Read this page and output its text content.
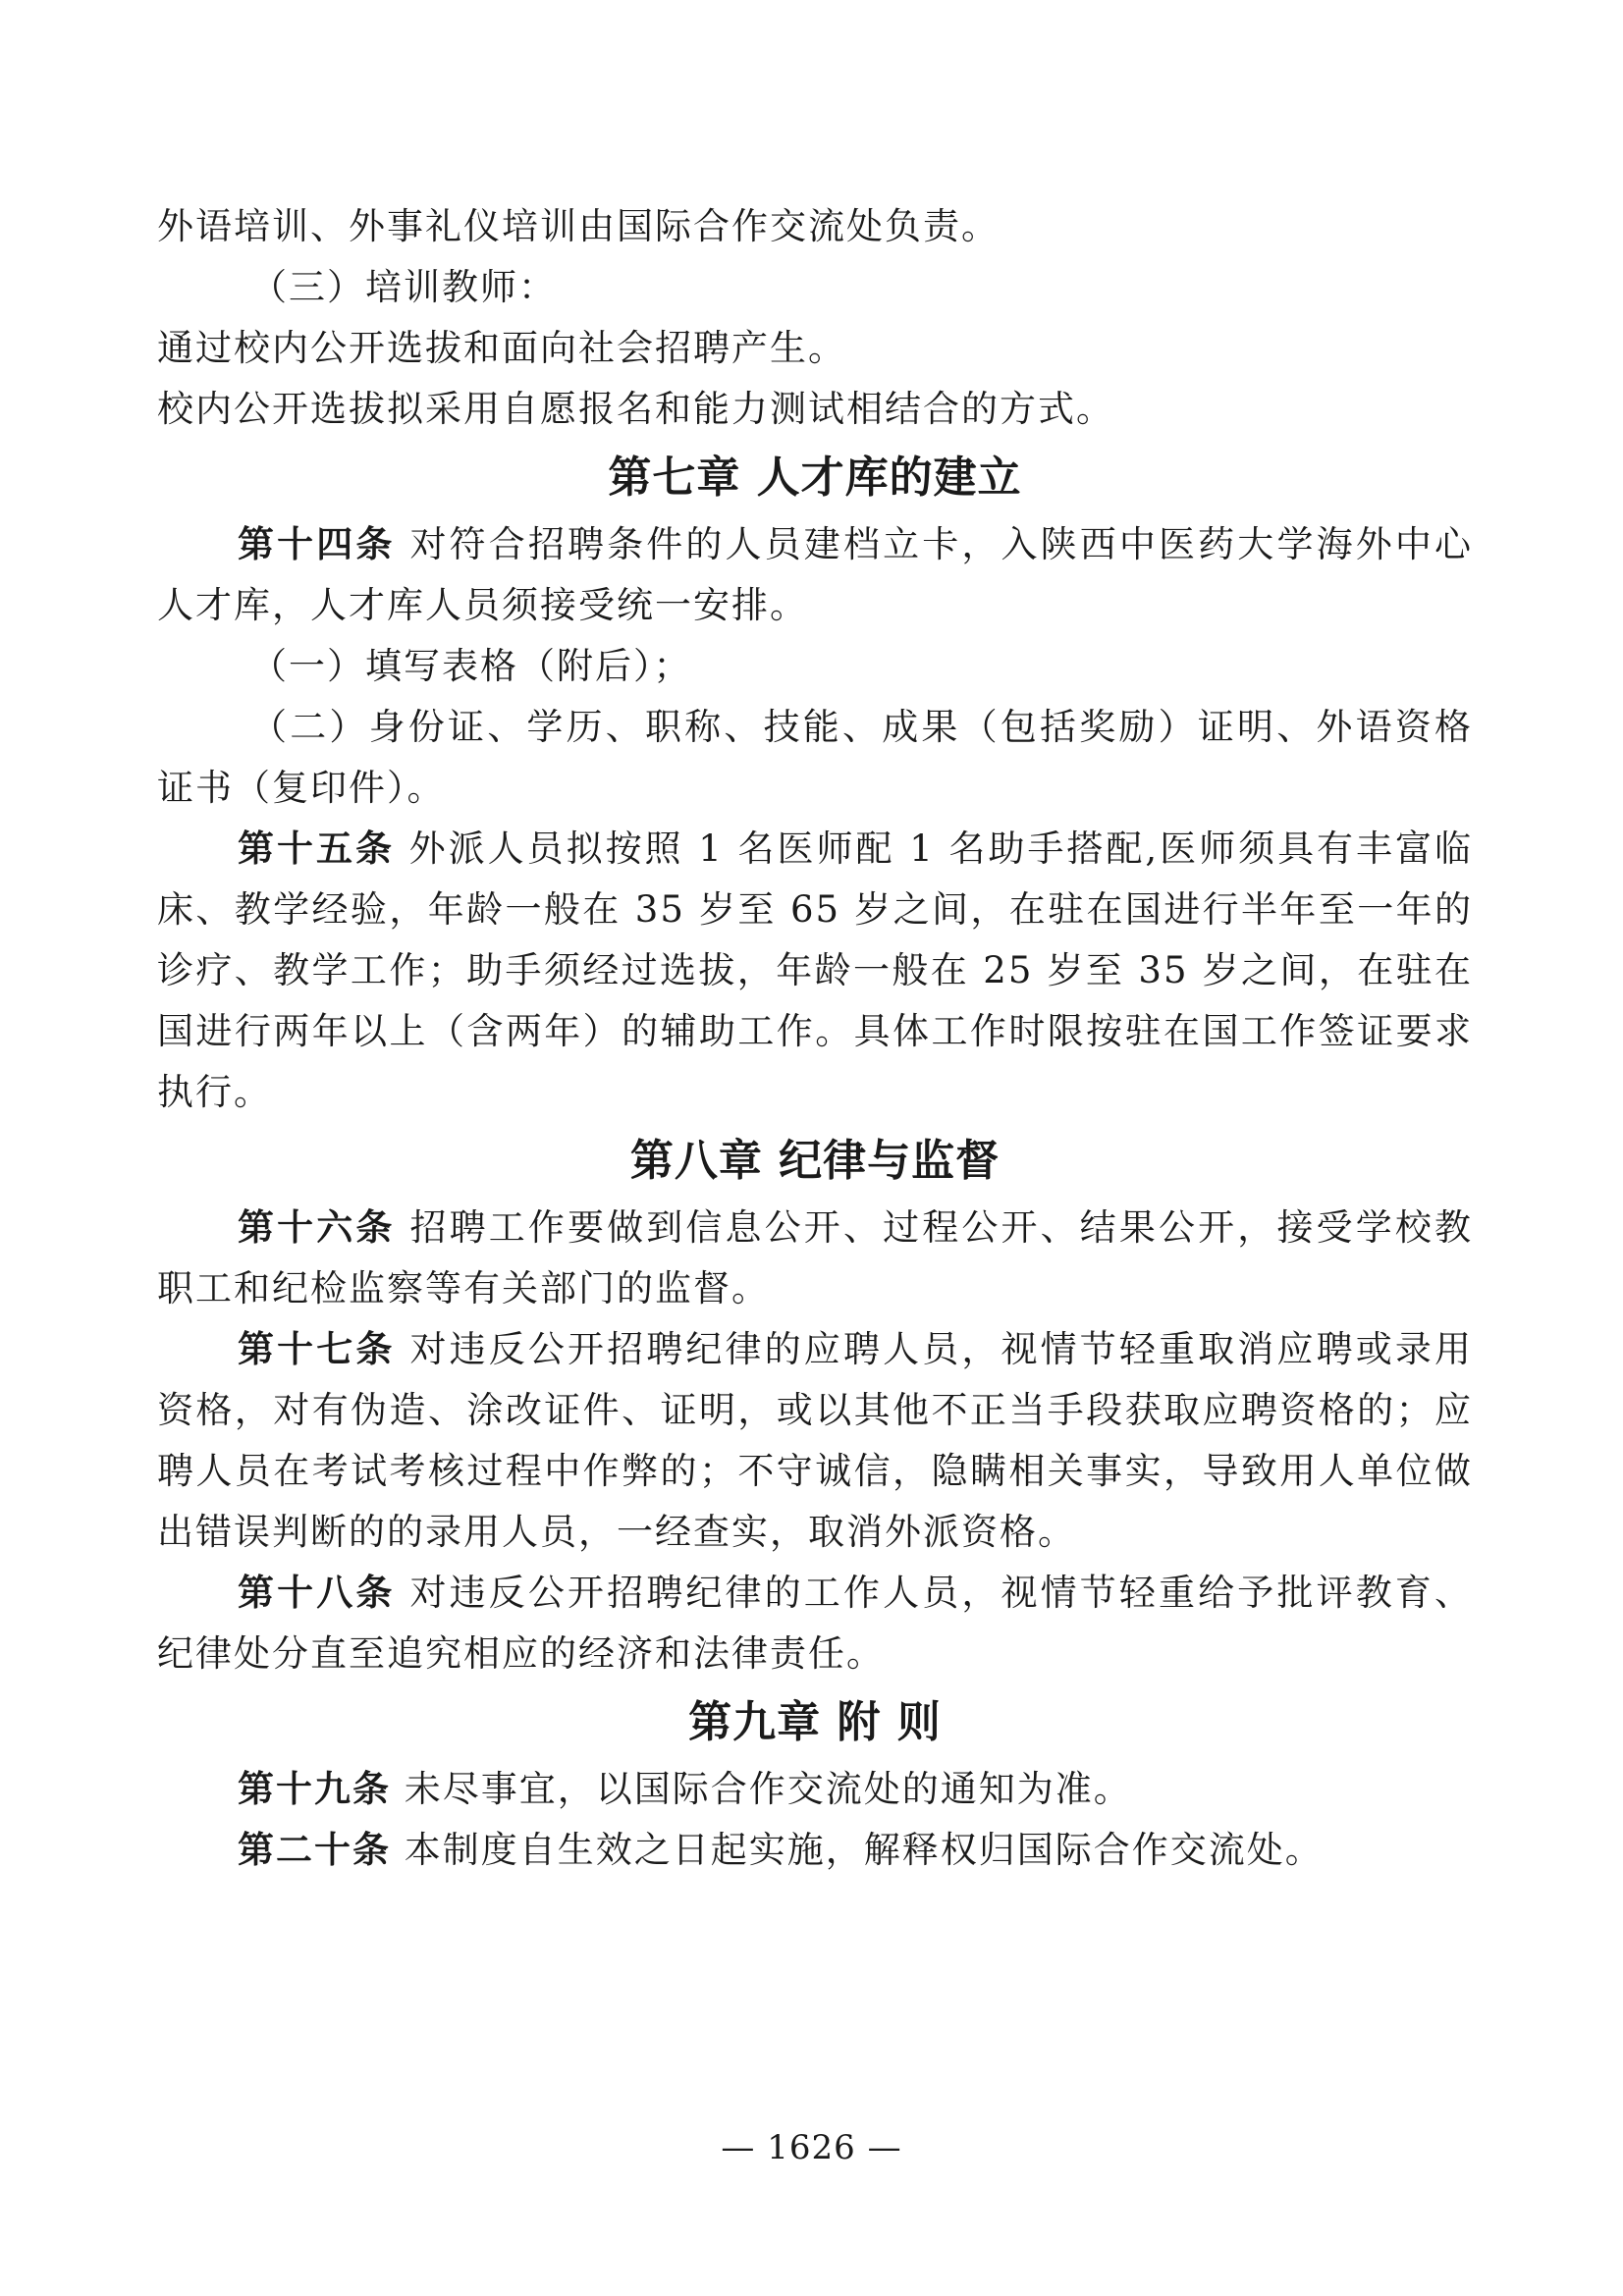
外语培训、外事礼仪培训由国际合作交流处负责。

（三）培训教师：

通过校内公开选拔和面向社会招聘产生。

校内公开选拔拟采用自愿报名和能力测试相结合的方式。

第七章 人才库的建立

第十四条 对符合招聘条件的人员建档立卡，入陕西中医药大学海外中心人才库，人才库人员须接受统一安排。

（一）填写表格（附后）；

（二）身份证、学历、职称、技能、成果（包括奖励）证明、外语资格证书（复印件）。

第十五条 外派人员拟按照 1 名医师配 1 名助手搭配,医师须具有丰富临床、教学经验，年龄一般在 35 岁至 65 岁之间，在驻在国进行半年至一年的诊疗、教学工作；助手须经过选拔，年龄一般在 25 岁至 35 岁之间，在驻在国进行两年以上（含两年）的辅助工作。具体工作时限按驻在国工作签证要求执行。

第八章 纪律与监督

第十六条 招聘工作要做到信息公开、过程公开、结果公开，接受学校教职工和纪检监察等有关部门的监督。

第十七条 对违反公开招聘纪律的应聘人员，视情节轻重取消应聘或录用资格，对有伪造、涂改证件、证明，或以其他不正当手段获取应聘资格的；应聘人员在考试考核过程中作弊的；不守诚信，隐瞒相关事实，导致用人单位做出错误判断的的录用人员，一经查实，取消外派资格。

第十八条 对违反公开招聘纪律的工作人员，视情节轻重给予批评教育、纪律处分直至追究相应的经济和法律责任。

第九章 附 则

第十九条 未尽事宜，以国际合作交流处的通知为准。

第二十条 本制度自生效之日起实施，解释权归国际合作交流处。

— 1626 —
